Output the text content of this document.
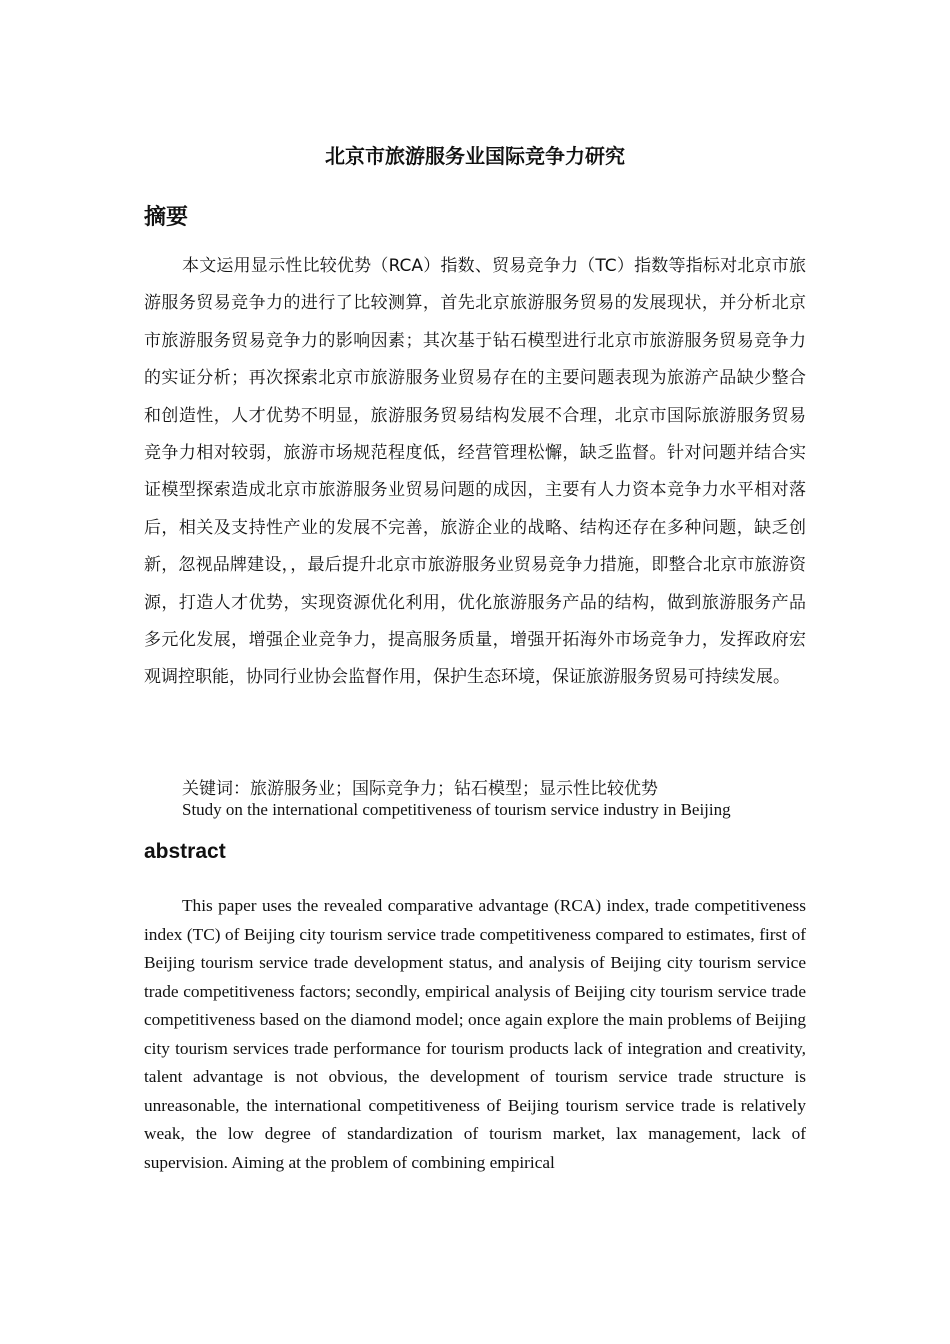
北京市旅游服务业国际竞争力研究
摘要

本文运用显示性比较优势（RCA）指数、贸易竞争力（TC）指数等指标对北京市旅游服务贸易竞争力的进行了比较测算，首先北京旅游服务贸易的发展现状，并分析北京市旅游服务贸易竞争力的影响因素；其次基于钻石模型进行北京市旅游服务贸易竞争力的实证分析；再次探索北京市旅游服务业贸易存在的主要问题表现为旅游产品缺少整合和创造性，人才优势不明显，旅游服务贸易结构发展不合理，北京市国际旅游服务贸易竞争力相对较弱，旅游市场规范程度低，经营管理松懈，缺乏监督。针对问题并结合实证模型探索造成北京市旅游服务业贸易问题的成因，主要有人力资本竞争力水平相对落后，相关及支持性产业的发展不完善，旅游企业的战略、结构还存在多种问题，缺乏创新，忽视品牌建设，，最后提升北京市旅游服务业贸易竞争力措施，即整合北京市旅游资源，打造人才优势，实现资源优化利用，优化旅游服务产品的结构，做到旅游服务产品多元化发展，增强企业竞争力，提高服务质量，增强开拓海外市场竞争力，发挥政府宏观调控职能，协同行业协会监督作用，保护生态环境，保证旅游服务贸易可持续发展。

关键词：旅游服务业；国际竞争力；钻石模型；显示性比较优势

Study on the international competitiveness of tourism service industry in Beijing

abstract

This paper uses the revealed comparative advantage (RCA) index, trade competitiveness index (TC) of Beijing city tourism service trade competitiveness compared to estimates, first of Beijing tourism service trade development status, and analysis of Beijing city tourism service trade competitiveness factors; secondly, empirical analysis of Beijing city tourism service trade competitiveness based on the diamond model; once again explore the main problems of Beijing city tourism services trade performance for tourism products lack of integration and creativity, talent advantage is not obvious, the development of tourism service trade structure is unreasonable, the international competitiveness of Beijing tourism service trade is relatively weak, the low degree of standardization of tourism market, lax management, lack of supervision. Aiming at the problem of combining empirical
